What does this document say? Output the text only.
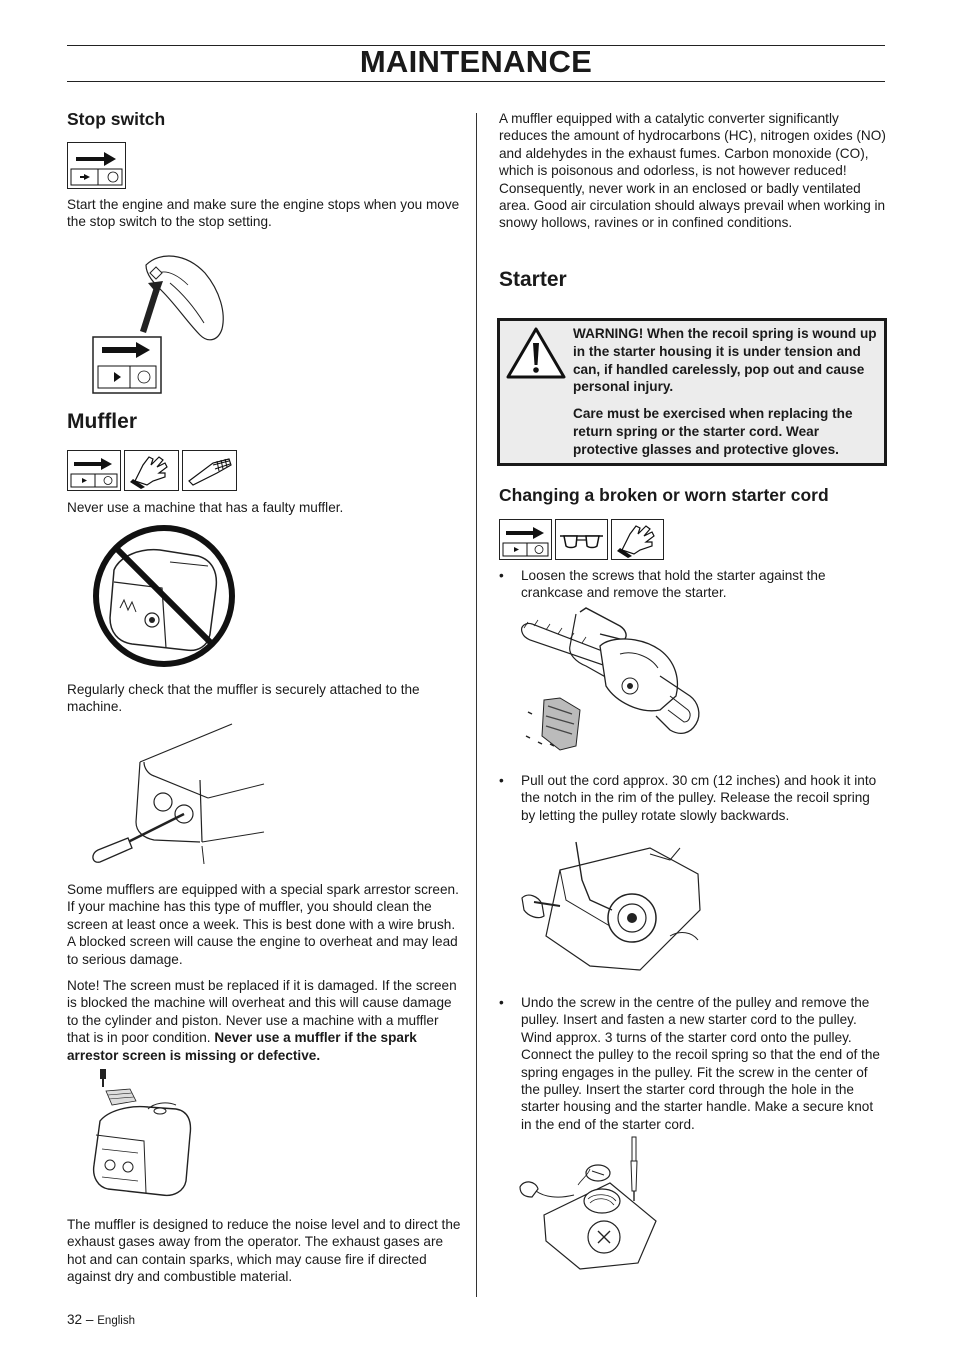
MAINTENANCE
Stop switch
Start the engine and make sure the engine stops when you move the stop switch to the stop setting.
Muffler
Never use a machine that has a faulty muffler.
Regularly check that the muffler is securely attached to the machine.
Some mufflers are equipped with a special spark arrestor screen. If your machine has this type of muffler, you should clean the screen at least once a week. This is best done with a wire brush. A blocked screen will cause the engine to overheat and may lead to serious damage.
Note! The screen must be replaced if it is damaged. If the screen is blocked the machine will overheat and this will cause damage to the cylinder and piston. Never use a machine with a muffler that is in poor condition. Never use a muffler if the spark arrestor screen is missing or defective.
The muffler is designed to reduce the noise level and to direct the exhaust gases away from the operator. The exhaust gases are hot and can contain sparks, which may cause fire if directed against dry and combustible material.
32 – English
A muffler equipped with a catalytic converter significantly reduces the amount of hydrocarbons (HC), nitrogen oxides (NO) and aldehydes in the exhaust fumes. Carbon monoxide (CO), which is poisonous and odorless, is not however reduced! Consequently, never work in an enclosed or badly ventilated area. Good air circulation should always prevail when working in snowy hollows, ravines or in confined conditions.
Starter
WARNING! When the recoil spring is wound up in the starter housing it is under tension and can, if handled carelessly, pop out and cause personal injury.
Care must be exercised when replacing the return spring or the starter cord. Wear protective glasses and protective gloves.
Changing a broken or worn starter cord
• Loosen the screws that hold the starter against the crankcase and remove the starter.
• Pull out the cord approx. 30 cm (12 inches) and hook it into the notch in the rim of the pulley. Release the recoil spring by letting the pulley rotate slowly backwards.
• Undo the screw in the centre of the pulley and remove the pulley. Insert and fasten a new starter cord to the pulley. Wind approx. 3 turns of the starter cord onto the pulley. Connect the pulley to the recoil spring so that the end of the spring engages in the pulley. Fit the screw in the center of the pulley. Insert the starter cord through the hole in the starter housing and the starter handle. Make a secure knot in the end of the starter cord.
